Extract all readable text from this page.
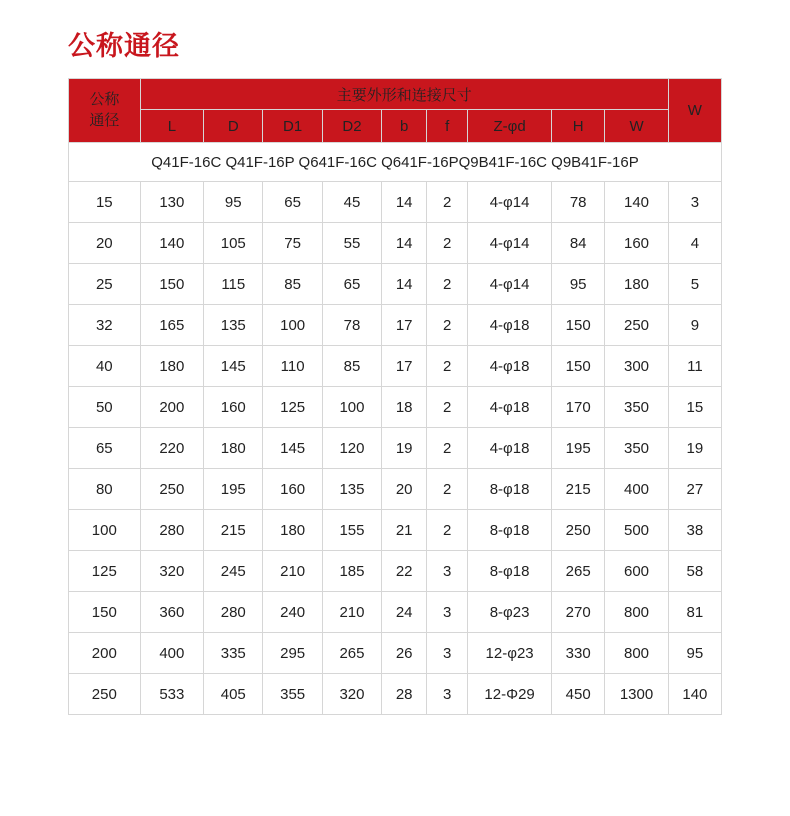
公称通径
公称
通径	主要外形和连接尺寸									W
	L	D	D1	D2	b	f	Z-φd	H	W	
Q41F-16C Q41F-16P Q641F-16C Q641F-16PQ9B41F-16C Q9B41F-16P										
15	130	95	65	45	14	2	4-φ14	78	140	3
20	140	105	75	55	14	2	4-φ14	84	160	4
25	150	115	85	65	14	2	4-φ14	95	180	5
32	165	135	100	78	17	2	4-φ18	150	250	9
40	180	145	110	85	17	2	4-φ18	150	300	11
50	200	160	125	100	18	2	4-φ18	170	350	15
65	220	180	145	120	19	2	4-φ18	195	350	19
80	250	195	160	135	20	2	8-φ18	215	400	27
100	280	215	180	155	21	2	8-φ18	250	500	38
125	320	245	210	185	22	3	8-φ18	265	600	58
150	360	280	240	210	24	3	8-φ23	270	800	81
200	400	335	295	265	26	3	12-φ23	330	800	95
250	533	405	355	320	28	3	12-Φ29	450	1300	140
